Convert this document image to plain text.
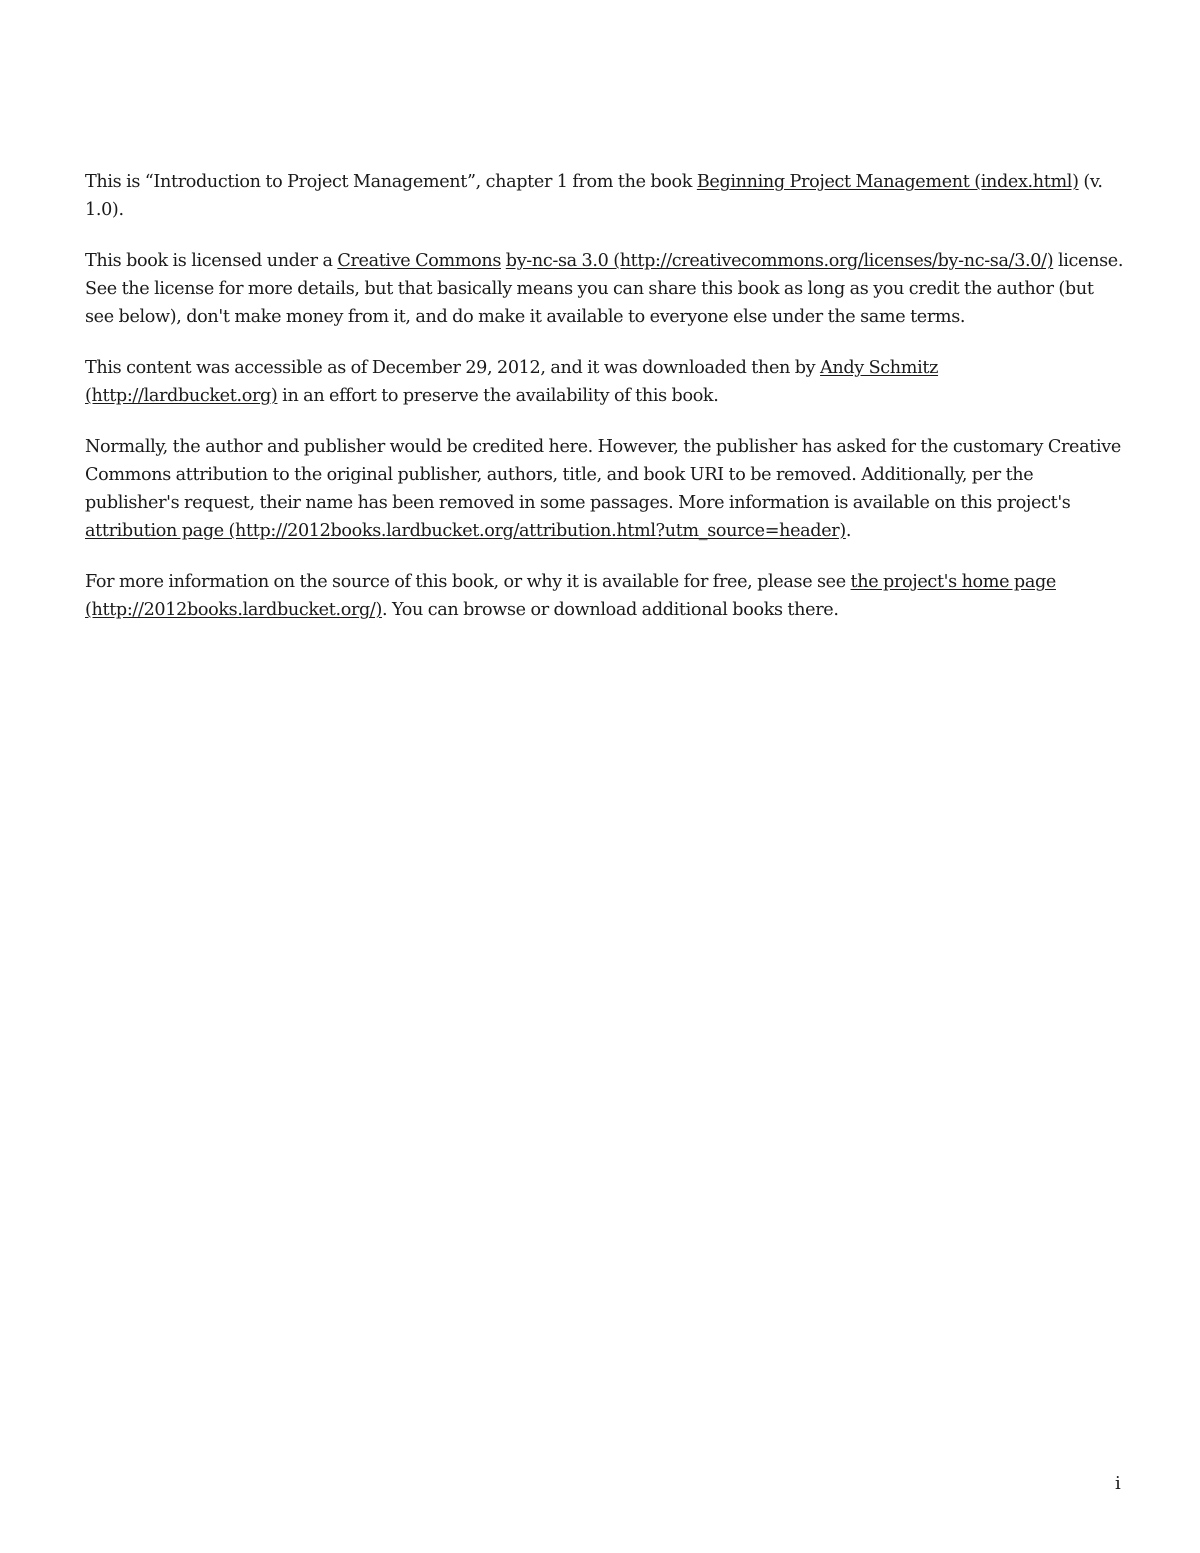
This is “Introduction to Project Management”, chapter 1 from the book Beginning Project Management (index.html) (v. 1.0).

This book is licensed under a Creative Commons by-nc-sa 3.0 (http://creativecommons.org/licenses/by-nc-sa/3.0/) license. See the license for more details, but that basically means you can share this book as long as you credit the author (but see below), don't make money from it, and do make it available to everyone else under the same terms.

This content was accessible as of December 29, 2012, and it was downloaded then by Andy Schmitz (http://lardbucket.org) in an effort to preserve the availability of this book.

Normally, the author and publisher would be credited here. However, the publisher has asked for the customary Creative Commons attribution to the original publisher, authors, title, and book URI to be removed. Additionally, per the publisher's request, their name has been removed in some passages. More information is available on this project's attribution page (http://2012books.lardbucket.org/attribution.html?utm_source=header).

For more information on the source of this book, or why it is available for free, please see the project's home page (http://2012books.lardbucket.org/). You can browse or download additional books there.

i
